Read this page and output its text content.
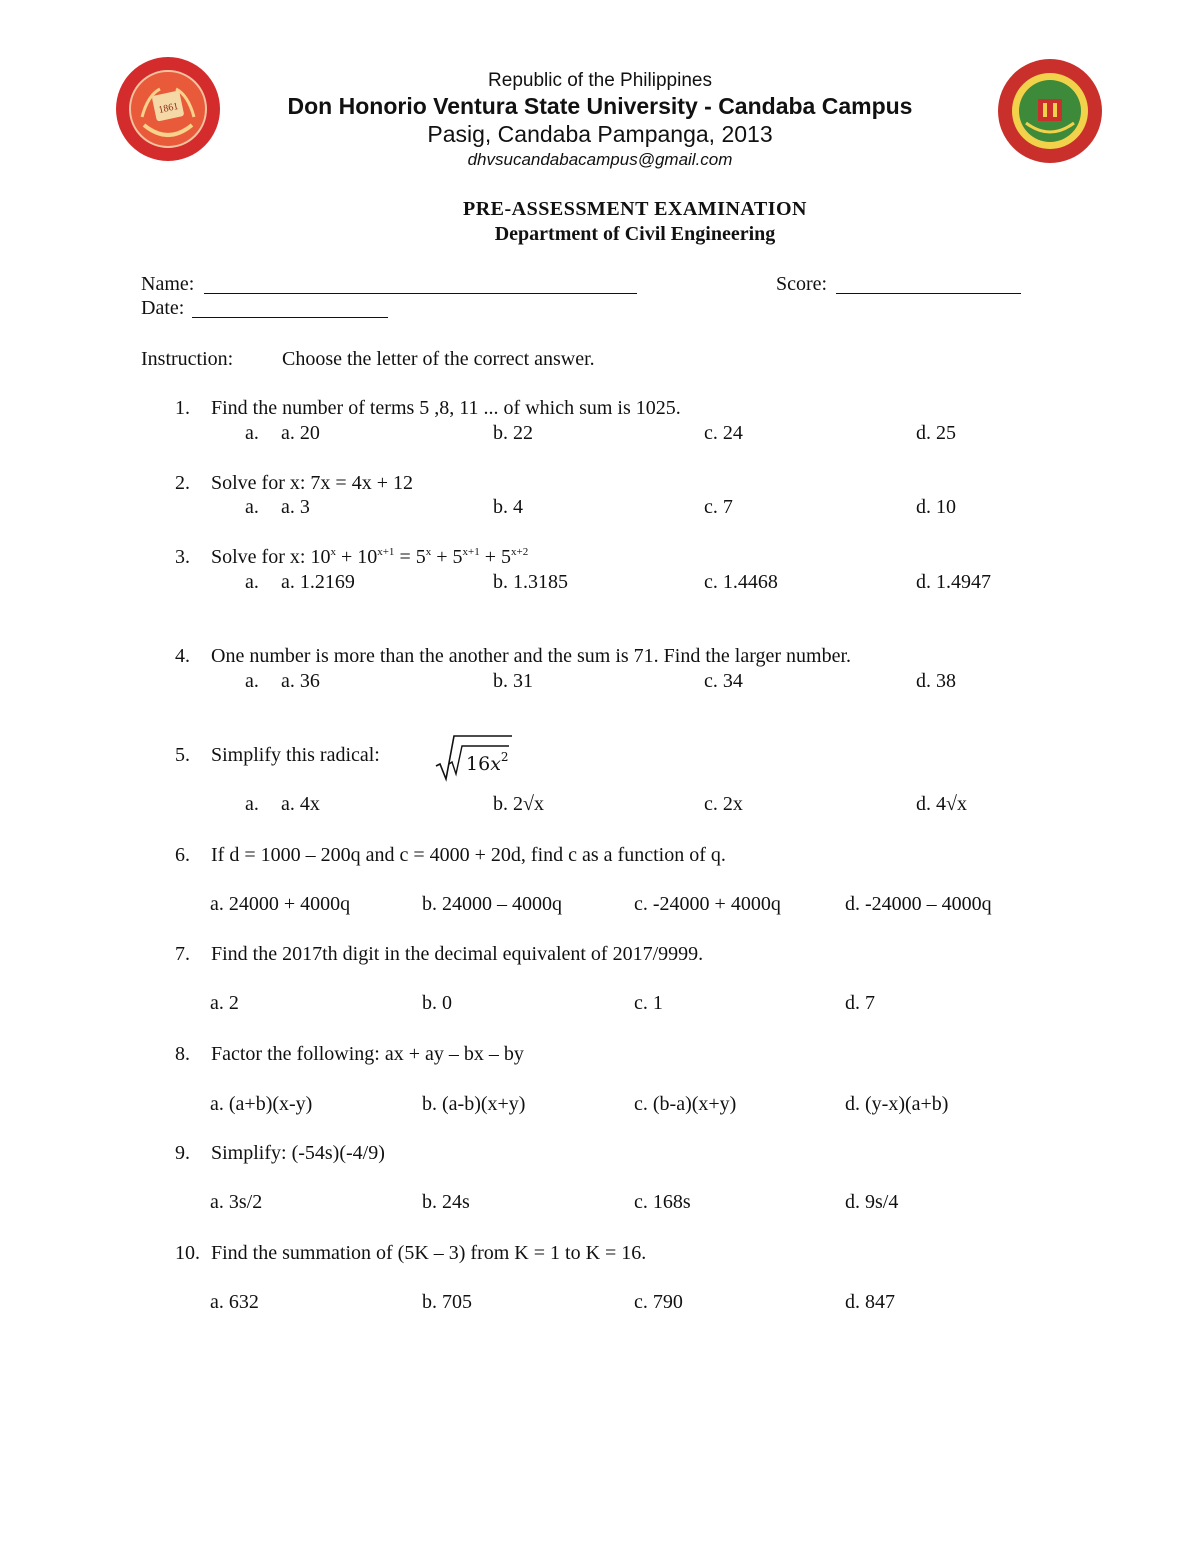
1861
Republic of the Philippines
Don Honorio Ventura State University - Candaba Campus
Pasig, Candaba Pampanga, 2013
dhvsucandabacampus@gmail.com
PRE-ASSESSMENT EXAMINATION
Department of Civil Engineering
Name:	Score:
Date:
Instruction: Choose the letter of the correct answer.
1. Find the number of terms 5 ,8, 11 ... of which sum is 1025.
a. a. 20	b. 22	c. 24	d. 25
2. Solve for x: 7x = 4x + 12
a. a. 3	b. 4	c. 7	d. 10
3. Solve for x: $10^x + 10^{x+1} = 5^x + 5^{x+1} + 5^{x+2}$
a. a. 1.2169	b. 1.3185	c. 1.4468	d. 1.4947
4. One number is more than the another and the sum is 71. Find the larger number.
a. a. 36	b. 31	c. 34	d. 38
5. Simplify this radical:	$16x^2$
a. a. 4x	b. 2√x	c. 2x	d. 4√x
6. If d = 1000 – 200q and c = 4000 + 20d, find c as a function of q.
a. 24000 + 4000q	b. 24000 – 4000q	c. -24000 + 4000q	d. -24000 – 4000q
7. Find the 2017th digit in the decimal equivalent of 2017/9999.
a. 2	b. 0	c. 1	d. 7
8. Factor the following: ax + ay – bx – by
a. (a+b)(x-y)	b. (a-b)(x+y)	c. (b-a)(x+y)	d. (y-x)(a+b)
9. Simplify: (-54s)(-4/9)
a. 3s/2	b. 24s	c. 168s	d. 9s/4
10. Find the summation of (5K – 3) from K = 1 to K = 16.
a. 632	b. 705	c. 790	d. 847
